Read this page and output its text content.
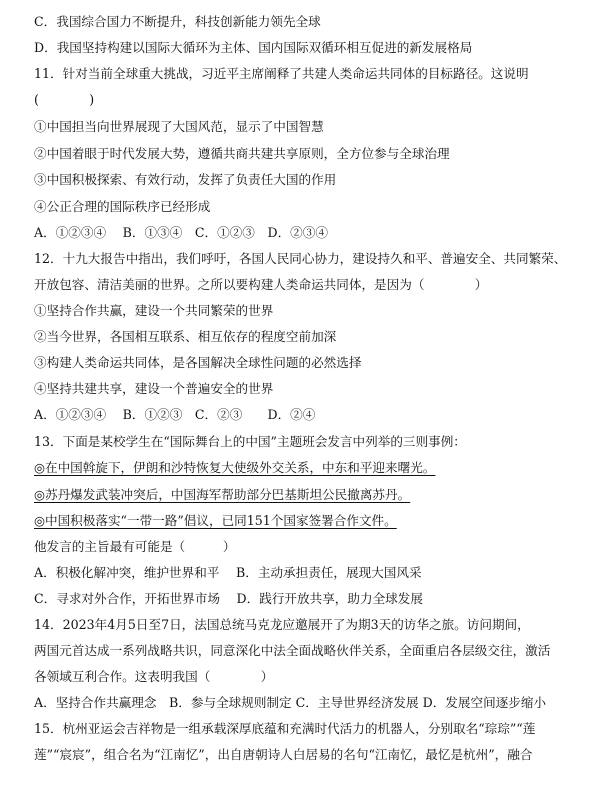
C．我国综合国力不断提升，科技创新能力领先全球
D．我国坚持构建以国际大循环为主体、国内国际双循环相互促进的新发展格局
11．针对当前全球重大挑战，习近平主席阐释了共建人类命运共同体的目标路径。这说明
(　　　　)
①中国担当向世界展现了大国风范，显示了中国智慧
②中国着眼于时代发展大势，遵循共商共建共享原则，全方位参与全球治理
③中国积极探索、有效行动，发挥了负责任大国的作用
④公正合理的国际秩序已经形成
A．①②③④　 B．①③④　C．①②③　D．②③④
12．十九大报告中指出，我们呼吁，各国人民同心协力，建设持久和平、普遍安全、共同繁荣、
开放包容、清洁美丽的世界。之所以要构建人类命运共同体，是因为（　　　　）
①坚持合作共赢，建设一个共同繁荣的世界
②当今世界，各国相互联系、相互依存的程度空前加深
③构建人类命运共同体，是各国解决全球性问题的必然选择
④坚持共建共享，建设一个普遍安全的世界
A．①②③④　 B．①②③　C．②③　　D．②④
13．下面是某校学生在“国际舞台上的中国”主题班会发言中列举的三则事例：
◎在中国斡旋下，伊朗和沙特恢复大使级外交关系，中东和平迎来曙光。
◎苏丹爆发武装冲突后，中国海军帮助部分巴基斯坦公民撤离苏丹。
◎中国积极落实“一带一路”倡议，已同151个国家签署合作文件。
他发言的主旨最有可能是（　　　）
A．积极化解冲突，维护世界和平　 B．主动承担责任，展现大国风采
C．寻求对外合作，开拓世界市场　 D．践行开放共享，助力全球发展
14．2023年4月5日至7日，法国总统马克龙应邀展开了为期3天的访华之旅。访问期间，
两国元首达成一系列战略共识，同意深化中法全面战略伙伴关系，全面重启各层级交往，激活
各领域互利合作。这表明我国（　　　　）
A．坚持合作共赢理念　B．参与全球规则制定 C．主导世界经济发展 D．发展空间逐步缩小
15．杭州亚运会吉祥物是一组承载深厚底蕴和充满时代活力的机器人，分别取名“琮琮”“莲
莲”“宸宸”，组合名为“江南忆”，出自唐朝诗人白居易的名句“江南忆，最忆是杭州”，融合
